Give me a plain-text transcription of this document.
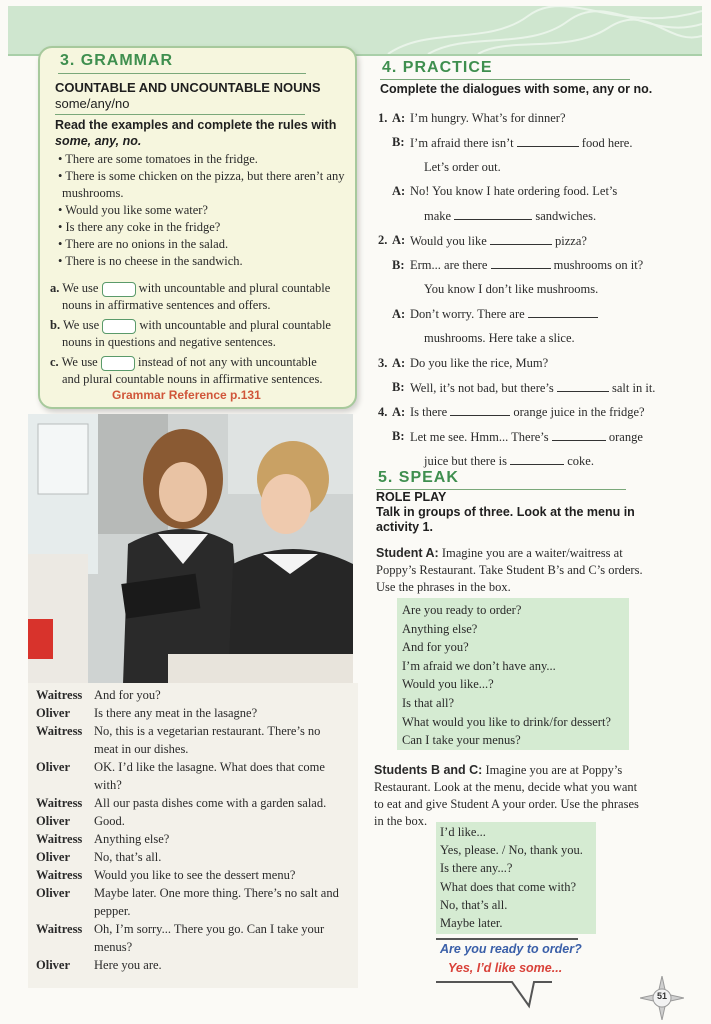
3. GRAMMAR
COUNTABLE AND UNCOUNTABLE NOUNS
some/any/no
Read the examples and complete the rules with
some, any, no.
• There are some tomatoes in the fridge.
• There is some chicken on the pizza, but there aren’t any
mushrooms.
• Would you like some water?
• Is there any coke in the fridge?
• There are no onions in the salad.
• There is no cheese in the sandwich.
a. We use	with uncountable and plural countable
nouns in affirmative sentences and offers.
b. We use	with uncountable and plural countable
nouns in questions and negative sentences.
c. We use	instead of not any with uncountable
and plural countable nouns in affirmative sentences.
Grammar Reference p.131
Waitress And for you?
Oliver	Is there any meat in the lasagne?
Waitress No, this is a vegetarian restaurant. There’s no
meat in our dishes.
Oliver	OK. I’d like the lasagne. What does that come
with?
Waitress All our pasta dishes come with a garden salad.
Oliver	Good.
Waitress Anything else?
Oliver	No, that’s all.
Waitress Would you like to see the dessert menu?
Oliver	Maybe later. One more thing. There’s no salt and
pepper.
Waitress Oh, I’m sorry... There you go. Can I take your
menus?
Oliver	Here you are.
4. PRACTICE
Complete the dialogues with some, any or no.
1. A: I’m hungry. What’s for dinner?
B: I’m afraid there isn’t	food here.
Let’s order out.
A: No! You know I hate ordering food. Let’s
make	sandwiches.
2. A: Would you like	pizza?
B: Erm... are there	mushrooms on it?
You know I don’t like mushrooms.
A: Don’t worry. There are
mushrooms. Here take a slice.
3. A: Do you like the rice, Mum?
B: Well, it’s not bad, but there’s	salt in it.
4. A: Is there	orange juice in the fridge?
B: Let me see. Hmm... There’s	orange
juice but there is	coke.
5. SPEAK
ROLE PLAY
Talk in groups of three. Look at the menu in activity 1.
Student A: Imagine you are a waiter/waitress at
Poppy’s Restaurant. Take Student B’s and C’s orders.
Use the phrases in the box.
Are you ready to order?
Anything else?
And for you?
I’m afraid we don’t have any...
Would you like...?
Is that all?
What would you like to drink/for dessert?
Can I take your menus?
Students B and C: Imagine you are at Poppy’s
Restaurant. Look at the menu, decide what you want
to eat and give Student A your order. Use the phrases
in the box.
I’d like...
Yes, please. / No, thank you.
Is there any...?
What does that come with?
No, that’s all.
Maybe later.
Are you ready to order?
Yes, I’d like some...
51
